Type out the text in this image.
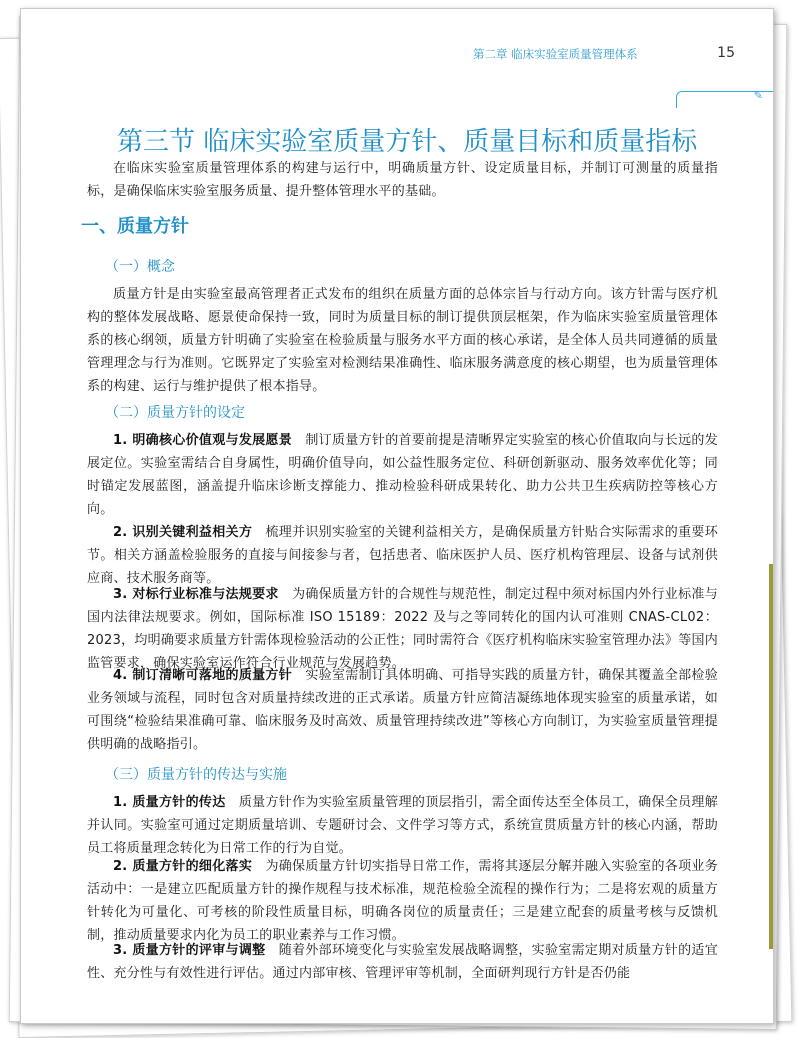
第二章 临床实验室质量管理体系	15
✎
第三节 临床实验室质量方针、质量目标和质量指标
在临床实验室质量管理体系的构建与运行中，明确质量方针、设定质量目标，并制订可测量的质量指标，是确保临床实验室服务质量、提升整体管理水平的基础。
一、质量方针
（一）概念
质量方针是由实验室最高管理者正式发布的组织在质量方面的总体宗旨与行动方向。该方针需与医疗机构的整体发展战略、愿景使命保持一致，同时为质量目标的制订提供顶层框架，作为临床实验室质量管理体系的核心纲领，质量方针明确了实验室在检验质量与服务水平方面的核心承诺，是全体人员共同遵循的质量管理理念与行为准则。它既界定了实验室对检测结果准确性、临床服务满意度的核心期望，也为质量管理体系的构建、运行与维护提供了根本指导。
（二）质量方针的设定
1. 明确核心价值观与发展愿景　 制订质量方针的首要前提是清晰界定实验室的核心价值取向与长远的发展定位。实验室需结合自身属性，明确价值导向，如公益性服务定位、科研创新驱动、服务效率优化等；同时锚定发展蓝图，涵盖提升临床诊断支撑能力、推动检验科研成果转化、助力公共卫生疾病防控等核心方向。
2. 识别关键利益相关方　 梳理并识别实验室的关键利益相关方，是确保质量方针贴合实际需求的重要环节。相关方涵盖检验服务的直接与间接参与者，包括患者、临床医护人员、医疗机构管理层、设备与试剂供应商、技术服务商等。
3. 对标行业标准与法规要求　 为确保质量方针的合规性与规范性，制定过程中须对标国内外行业标准与国内法律法规要求。例如，国际标准 ISO 15189：2022 及与之等同转化的国内认可准则 CNAS-CL02：2023，均明确要求质量方针需体现检验活动的公正性；同时需符合《医疗机构临床实验室管理办法》等国内监管要求，确保实验室运作符合行业规范与发展趋势。
4. 制订清晰可落地的质量方针　 实验室需制订具体明确、可指导实践的质量方针，确保其覆盖全部检验业务领域与流程，同时包含对质量持续改进的正式承诺。质量方针应简洁凝练地体现实验室的质量承诺，如可围绕“检验结果准确可靠、临床服务及时高效、质量管理持续改进”等核心方向制订，为实验室质量管理提供明确的战略指引。
（三）质量方针的传达与实施
1. 质量方针的传达　 质量方针作为实验室质量管理的顶层指引，需全面传达至全体员工，确保全员理解并认同。实验室可通过定期质量培训、专题研讨会、文件学习等方式，系统宣贯质量方针的核心内涵，帮助员工将质量理念转化为日常工作的行为自觉。
2. 质量方针的细化落实　 为确保质量方针切实指导日常工作，需将其逐层分解并融入实验室的各项业务活动中：一是建立匹配质量方针的操作规程与技术标准，规范检验全流程的操作行为；二是将宏观的质量方针转化为可量化、可考核的阶段性质量目标，明确各岗位的质量责任；三是建立配套的质量考核与反馈机制，推动质量要求内化为员工的职业素养与工作习惯。
3. 质量方针的评审与调整　 随着外部环境变化与实验室发展战略调整，实验室需定期对质量方针的适宜性、充分性与有效性进行评估。通过内部审核、管理评审等机制，全面研判现行方针是否仍能
